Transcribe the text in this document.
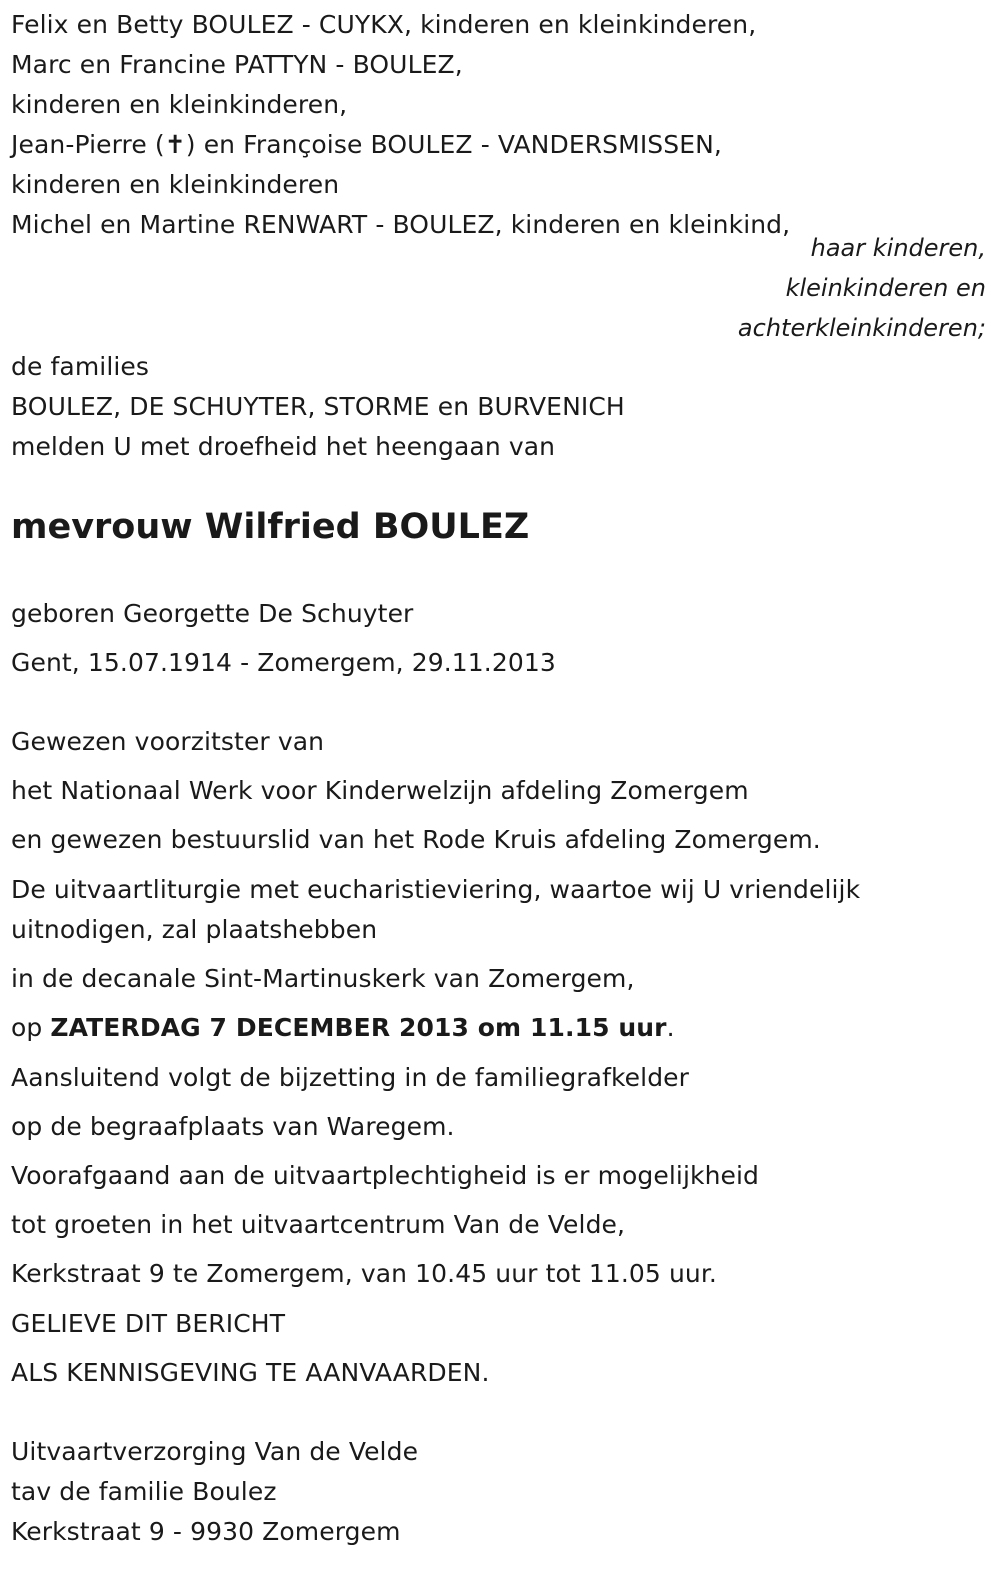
Felix en Betty BOULEZ - CUYKX, kinderen en kleinkinderen,
Marc en Francine PATTYN - BOULEZ,
kinderen en kleinkinderen,
Jean-Pierre (✝) en Françoise BOULEZ - VANDERSMISSEN,
kinderen en kleinkinderen
Michel en Martine RENWART - BOULEZ, kinderen en kleinkind,
haar kinderen,
kleinkinderen en
achterkleinkinderen;
de families
BOULEZ, DE SCHUYTER, STORME en BURVENICH
melden U met droefheid het heengaan van
mevrouw Wilfried BOULEZ
geboren Georgette De Schuyter
Gent, 15.07.1914 - Zomergem, 29.11.2013
Gewezen voorzitster van
het Nationaal Werk voor Kinderwelzijn afdeling Zomergem
en gewezen bestuurslid van het Rode Kruis afdeling Zomergem.
De uitvaartliturgie met eucharistieviering, waartoe wij U vriendelijk
uitnodigen, zal plaatshebben
in de decanale Sint-Martinuskerk van Zomergem,
op ZATERDAG 7 DECEMBER 2013 om 11.15 uur.
Aansluitend volgt de bijzetting in de familiegrafkelder
op de begraafplaats van Waregem.
Voorafgaand aan de uitvaartplechtigheid is er mogelijkheid
tot groeten in het uitvaartcentrum Van de Velde,
Kerkstraat 9 te Zomergem, van 10.45 uur tot 11.05 uur.
GELIEVE DIT BERICHT
ALS KENNISGEVING TE AANVAARDEN.
Uitvaartverzorging Van de Velde
tav de familie Boulez
Kerkstraat 9 - 9930 Zomergem
